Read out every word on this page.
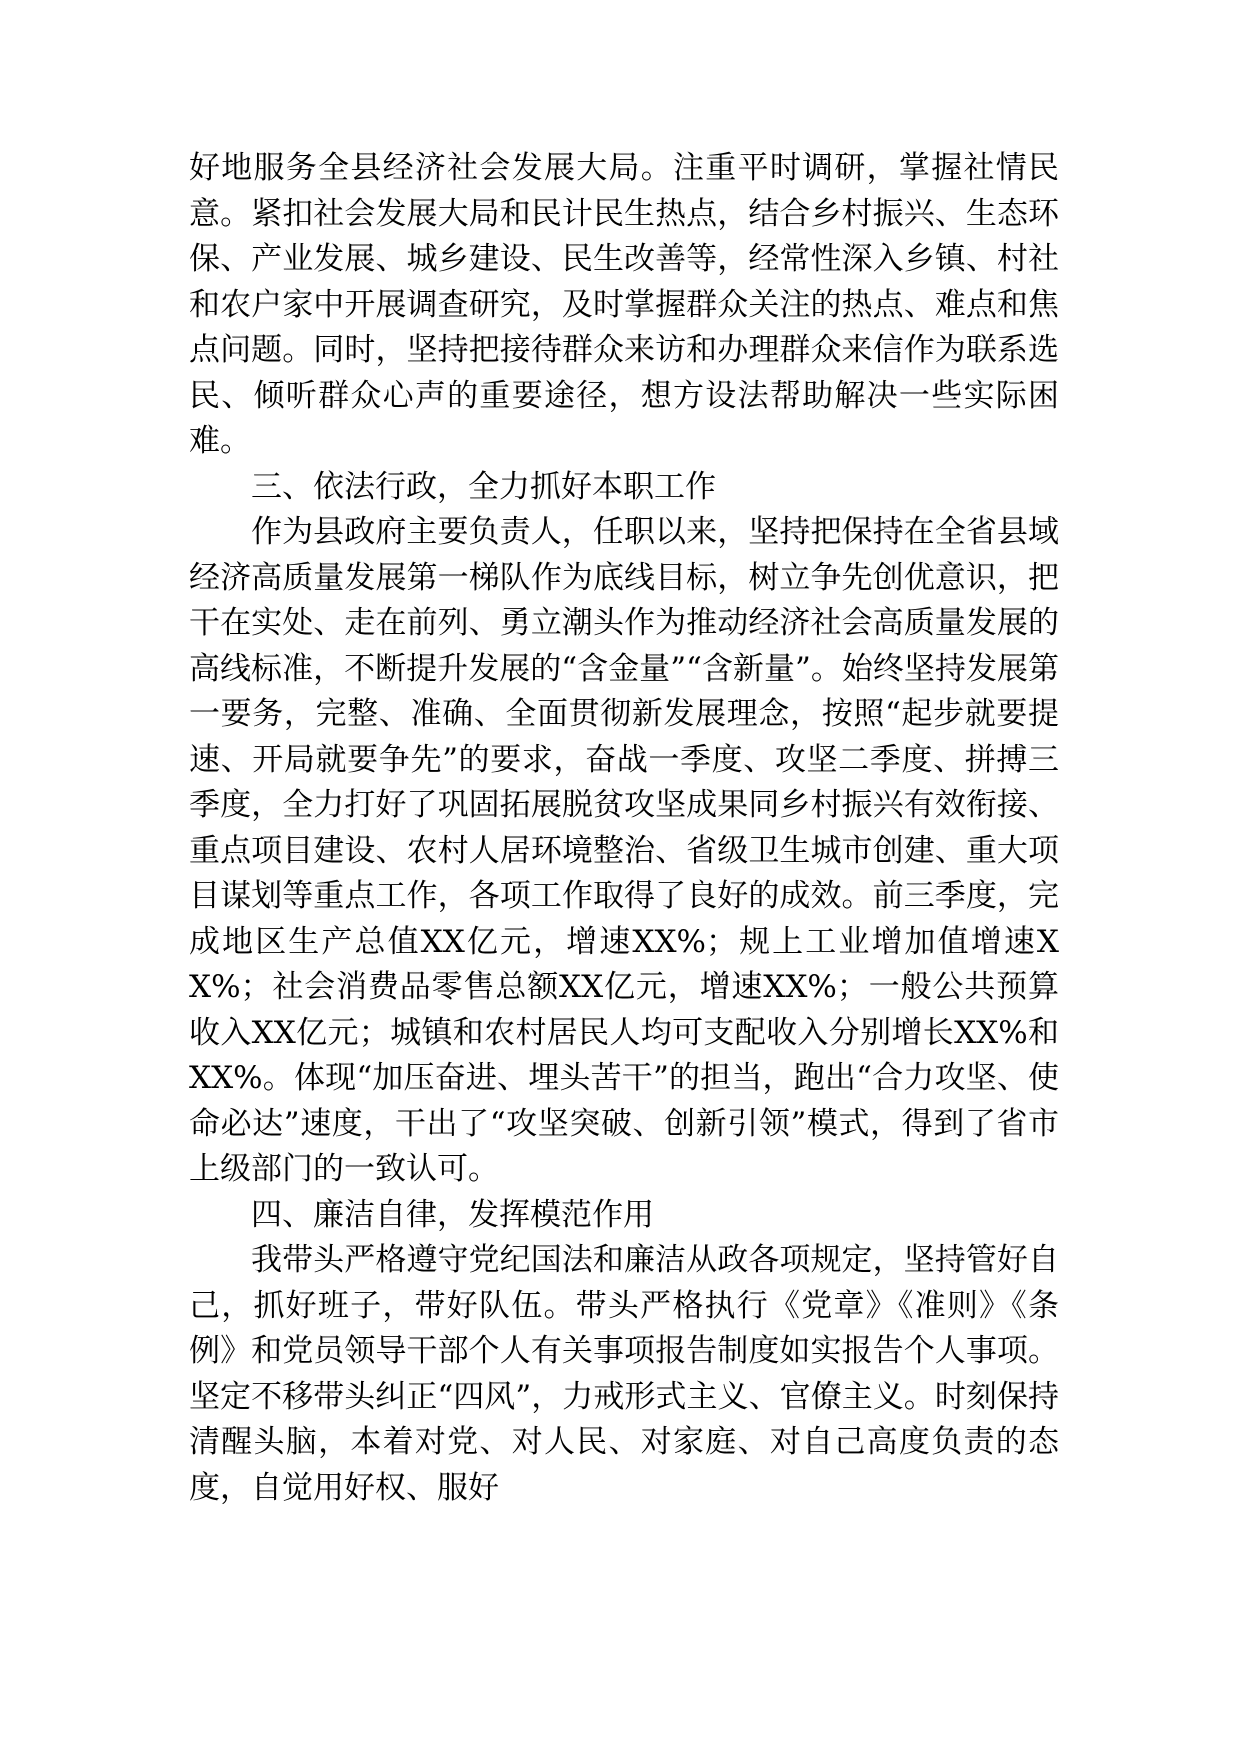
好地服务全县经济社会发展大局。注重平时调研，掌握社情民意。紧扣社会发展大局和民计民生热点，结合乡村振兴、生态环保、产业发展、城乡建设、民生改善等，经常性深入乡镇、村社和农户家中开展调查研究，及时掌握群众关注的热点、难点和焦点问题。同时，坚持把接待群众来访和办理群众来信作为联系选民、倾听群众心声的重要途径，想方设法帮助解决一些实际困难。

三、依法行政，全力抓好本职工作

作为县政府主要负责人，任职以来，坚持把保持在全省县域经济高质量发展第一梯队作为底线目标，树立争先创优意识，把干在实处、走在前列、勇立潮头作为推动经济社会高质量发展的高线标准，不断提升发展的“含金量”“含新量”。始终坚持发展第一要务，完整、准确、全面贯彻新发展理念，按照“起步就要提速、开局就要争先”的要求，奋战一季度、攻坚二季度、拼搏三季度，全力打好了巩固拓展脱贫攻坚成果同乡村振兴有效衔接、重点项目建设、农村人居环境整治、省级卫生城市创建、重大项目谋划等重点工作，各项工作取得了良好的成效。前三季度，完成地区生产总值XX亿元，增速XX%；规上工业增加值增速XX%；社会消费品零售总额XX亿元，增速XX%；一般公共预算收入XX亿元；城镇和农村居民人均可支配收入分别增长XX%和XX%。体现“加压奋进、埋头苦干”的担当，跑出“合力攻坚、使命必达”速度，干出了“攻坚突破、创新引领”模式，得到了省市上级部门的一致认可。

四、廉洁自律，发挥模范作用

我带头严格遵守党纪国法和廉洁从政各项规定，坚持管好自己，抓好班子，带好队伍。带头严格执行《党章》《准则》《条例》和党员领导干部个人有关事项报告制度如实报告个人事项。坚定不移带头纠正“四风”，力戒形式主义、官僚主义。时刻保持清醒头脑，本着对党、对人民、对家庭、对自己高度负责的态度，自觉用好权、服好
